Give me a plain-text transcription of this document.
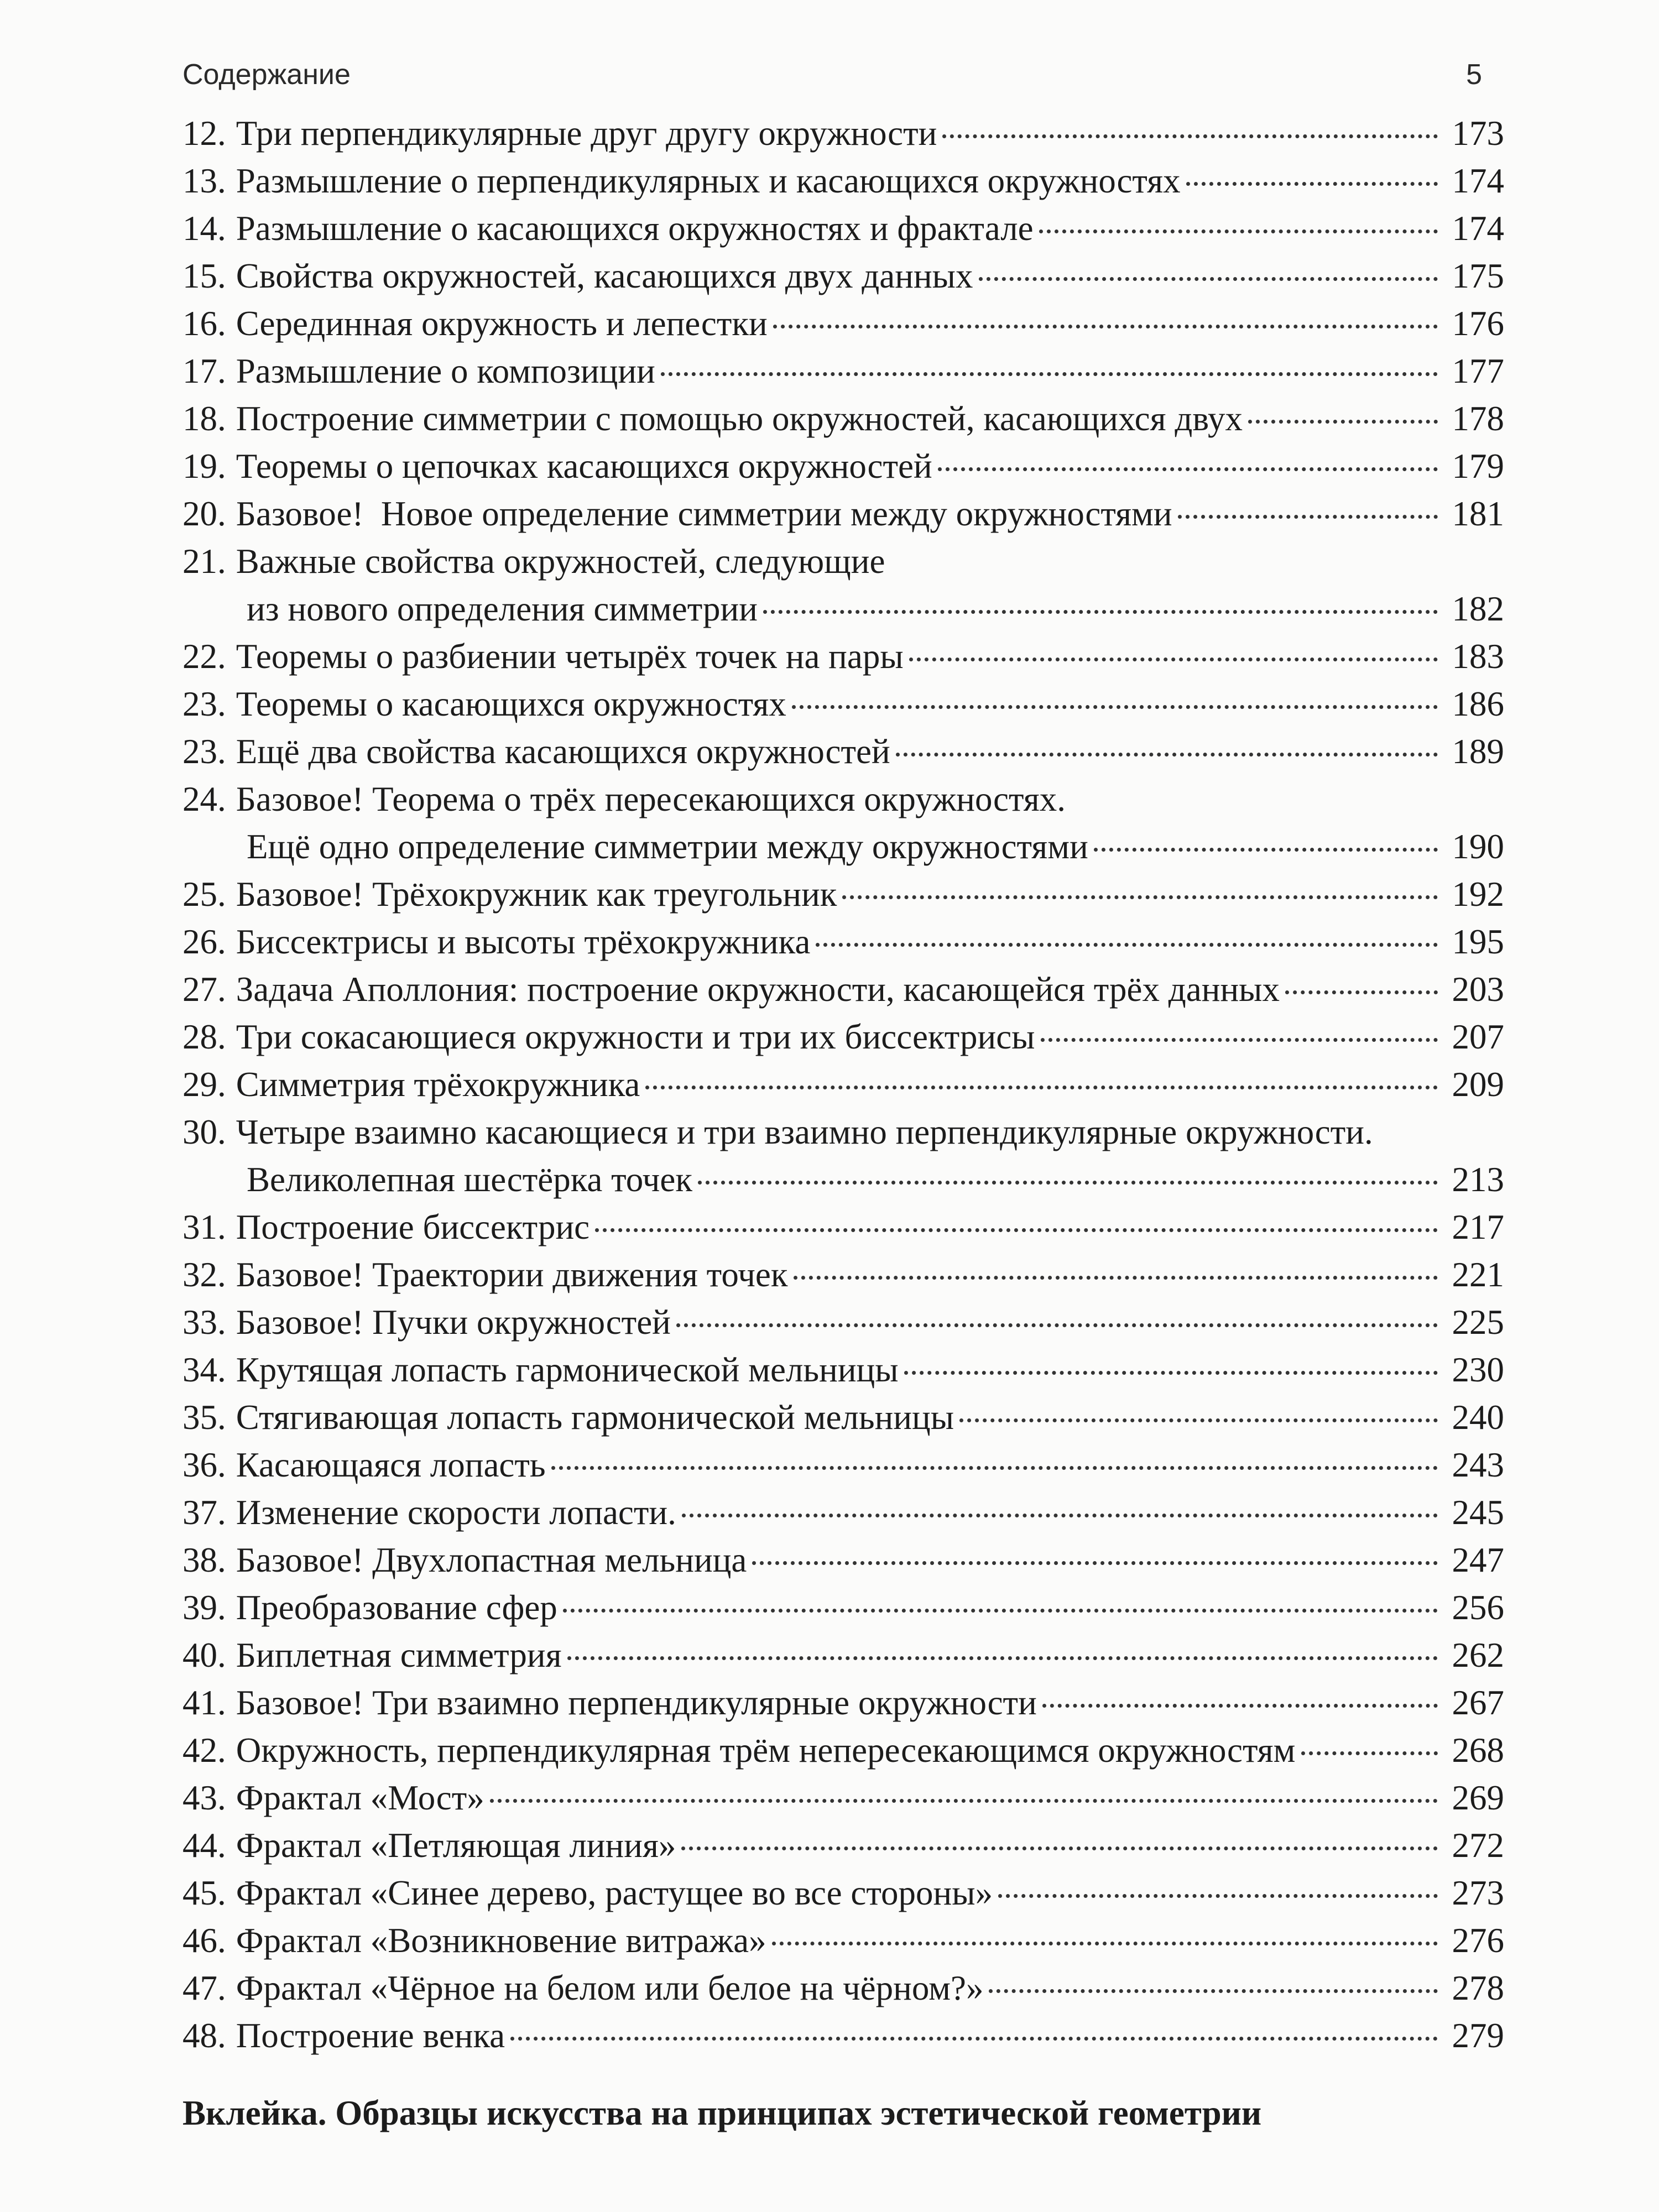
Содержание	5
12. Три перпендикулярные друг другу окружности	173
13. Размышление о перпендикулярных и касающихся окружностях	174
14. Размышление о касающихся окружностях и фрактале	174
15. Свойства окружностей, касающихся двух данных	175
16. Серединная окружность и лепестки	176
17. Размышление о композиции	177
18. Построение симметрии с помощью окружностей, касающихся двух	178
19. Теоремы о цепочках касающихся окружностей	179
20. Базовое!  Новое определение симметрии между окружностями	181
21. Важные свойства окружностей, следующие
из нового определения симметрии	182
22. Теоремы о разбиении четырёх точек на пары	183
23. Теоремы о касающихся окружностях	186
23. Ещё два свойства касающихся окружностей	189
24. Базовое! Теорема о трёх пересекающихся окружностях.
Ещё одно определение симметрии между окружностями	190
25. Базовое! Трёхокружник как треугольник	192
26. Биссектрисы и высоты трёхокружника	195
27. Задача Аполлония: построение окружности, касающейся трёх данных	203
28. Три сокасающиеся окружности и три их биссектрисы	207
29. Симметрия трёхокружника	209
30. Четыре взаимно касающиеся и три взаимно перпендикулярные окружности.
Великолепная шестёрка точек	213
31. Построение биссектрис	217
32. Базовое! Траектории движения точек	221
33. Базовое! Пучки окружностей	225
34. Крутящая лопасть гармонической мельницы	230
35. Стягивающая лопасть гармонической мельницы	240
36. Касающаяся лопасть	243
37. Изменение скорости лопасти.	245
38. Базовое! Двухлопастная мельница	247
39. Преобразование сфер	256
40. Биплетная симметрия	262
41. Базовое! Три взаимно перпендикулярные окружности	267
42. Окружность, перпендикулярная трём непересекающимся окружностям	268
43. Фрактал «Мост»	269
44. Фрактал «Петляющая линия»	272
45. Фрактал «Синее дерево, растущее во все стороны»	273
46. Фрактал «Возникновение витража»	276
47. Фрактал «Чёрное на белом или белое на чёрном?»	278
48. Построение венка	279
Вклейка. Образцы искусства на принципах эстетической геометрии
